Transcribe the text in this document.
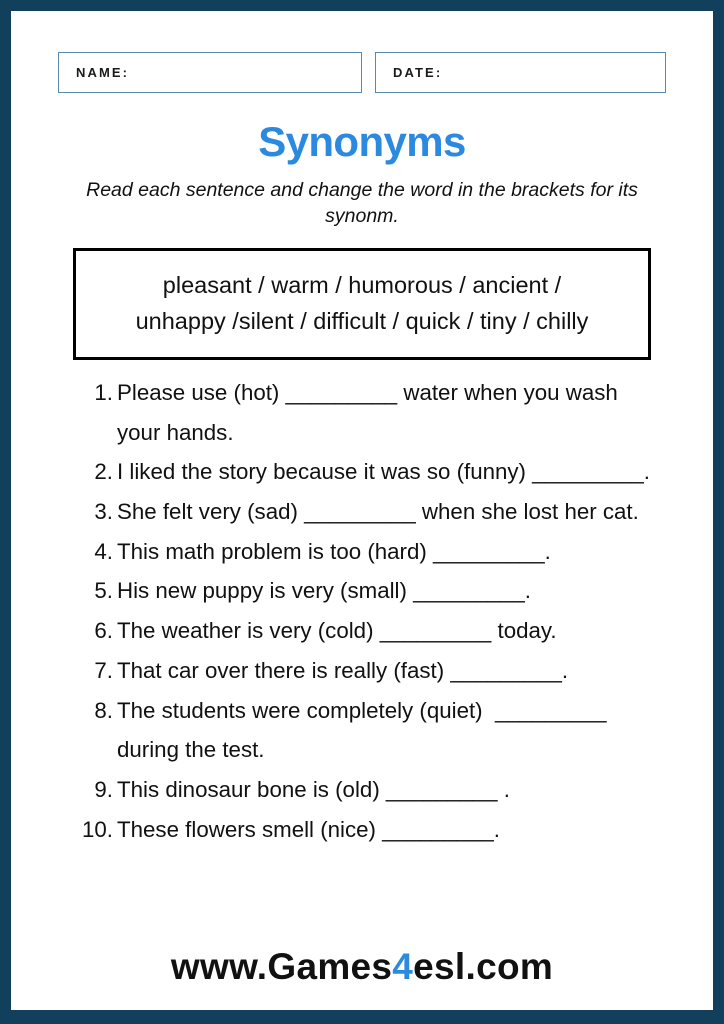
NAME:	DATE:
Synonyms
Read each sentence and change the word in the brackets for its synonm.
pleasant / warm / humorous / ancient /
unhappy /silent / difficult / quick / tiny / chilly
1. Please use (hot) _________ water when you wash your hands.
2. I liked the story because it was so (funny) _________.
3. She felt very (sad) _________ when she lost her cat.
4. This math problem is too (hard) _________.
5. His new puppy is very (small) _________.
6. The weather is very (cold) _________ today.
7. That car over there is really (fast) _________.
8. The students were completely (quiet)  _________ during the test.
9. This dinosaur bone is (old) _________ .
10. These flowers smell (nice) _________.
www.Games4esl.com
